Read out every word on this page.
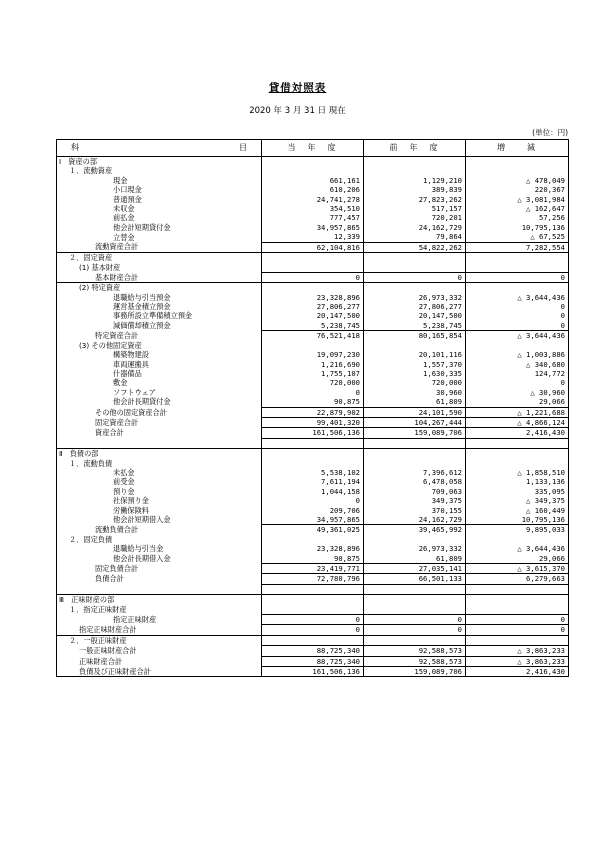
貸借対照表
2020 年 3 月 31 日 現在
(単位：円)
科 目	当　年　度	前　年　度	増　　減
Ⅰ　資産の部			
１．流動資産			
現金	661,161	1,129,210	△ 478,049
小口現金	610,206	389,839	220,367
普通預金	24,741,278	27,823,262	△ 3,081,984
未収金	354,510	517,157	△ 162,647
前払金	777,457	720,201	57,256
他会計短期貸付金	34,957,865	24,162,729	10,795,136
立替金	12,339	79,864	△ 67,525
流動資産合計	62,104,816	54,822,262	7,282,554
２．固定資産			
(1) 基本財産			
基本財産合計	0	0	0
(2) 特定資産			
退職給与引当預金	23,328,896	26,973,332	△ 3,644,436
運営基金積立預金	27,806,277	27,806,277	0
事務所設立準備積立預金	20,147,500	20,147,500	0
減価償却積立預金	5,238,745	5,238,745	0
特定資産合計	76,521,418	80,165,854	△ 3,644,436
(3) その他固定資産			
構築物建設	19,097,230	20,101,116	△ 1,003,886
車両運搬具	1,216,690	1,557,370	△ 340,680
什器備品	1,755,107	1,630,335	124,772
敷金	720,000	720,000	0
ソフトウェア	0	30,960	△ 30,960
他会計長期貸付金	90,875	61,809	29,066
その他の固定資産合計	22,879,902	24,101,590	△ 1,221,688
固定資産合計	99,401,320	104,267,444	△ 4,866,124
資産合計	161,506,136	159,089,706	2,416,430

Ⅱ　負債の部			
１．流動負債			
未払金	5,538,102	7,396,612	△ 1,858,510
前受金	7,611,194	6,478,058	1,133,136
預り金	1,044,158	709,063	335,095
社保預り金	0	349,375	△ 349,375
労働保険料	209,706	370,155	△ 160,449
他会計短期借入金	34,957,865	24,162,729	10,795,136
流動負債合計	49,361,025	39,465,992	9,895,033
２．固定負債			
退職給与引当金	23,328,896	26,973,332	△ 3,644,436
他会計長期借入金	90,875	61,809	29,066
固定負債合計	23,419,771	27,035,141	△ 3,615,370
負債合計	72,780,796	66,501,133	6,279,663

Ⅲ　正味財産の部			
１．指定正味財産			
指定正味財産	0	0	0
指定正味財産合計	0	0	0
２．一般正味財産			
一般正味財産合計	88,725,340	92,588,573	△ 3,863,233
正味財産合計	88,725,340	92,588,573	△ 3,863,233
負債及び正味財産合計	161,506,136	159,089,706	2,416,430
